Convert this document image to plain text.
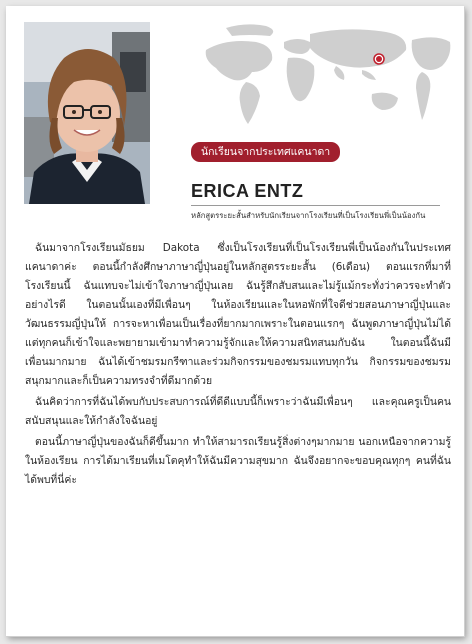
นักเรียนจากประเทศแคนาดา
ERICA ENTZ
หลักสูตรระยะสั้นสำหรับนักเรียนจากโรงเรียนที่เป็นโรงเรียนพี่เป็นน้องกัน

ฉันมาจากโรงเรียนมัธยม Dakota ซึ่งเป็นโรงเรียนที่เป็นโรงเรียนพี่เป็นน้องกันในประเทศแคนาดาค่ะ ตอนนี้กำลังศึกษาภาษาญี่ปุ่นอยู่ในหลักสูตรระยะสั้น (6เดือน) ตอนแรกที่มาที่โรงเรียนนี้ ฉันแทบจะไม่เข้าใจภาษาญี่ปุ่นเลย ฉันรู้สึกสับสนและไม่รู้แม้กระทั่งว่าควรจะทำตัวอย่างไรดี ในตอนนั้นเองที่มีเพื่อนๆ ในห้องเรียนและในหอพักที่ใจดีช่วยสอนภาษาญี่ปุ่นและวัฒนธรรมญี่ปุ่นให้ การจะหาเพื่อนเป็นเรื่องที่ยากมากเพราะในตอนแรกๆ ฉันพูดภาษาญี่ปุ่นไม่ได้ แต่ทุกคนก็เข้าใจและพยายามเข้ามาทำความรู้จักและให้ความสนิทสนมกับฉัน ในตอนนี้ฉันมีเพื่อนมากมาย ฉันได้เข้าชมรมกรีฑาและร่วมกิจกรรมของชมรมแทบทุกวัน กิจกรรมของชมรมสนุกมากและก็เป็นความทรงจำที่ดีมากด้วย

ฉันคิดว่าการที่ฉันได้พบกับประสบการณ์ที่ดีดีแบบนี้ก็เพราะว่าฉันมีเพื่อนๆ และคุณครูเป็นคนสนับสนุนและให้กำลังใจฉันอยู่

ตอนนี้ภาษาญี่ปุ่นของฉันก็ดีขึ้นมาก ทำให้สามารถเรียนรู้สิ่งต่างๆมากมาย นอกเหนือจากความรู้ในห้องเรียน การได้มาเรียนที่เมโตคุทำให้ฉันมีความสุขมาก ฉันจึงอยากจะขอบคุณทุกๆ คนที่ฉันได้พบที่นี่ค่ะ
